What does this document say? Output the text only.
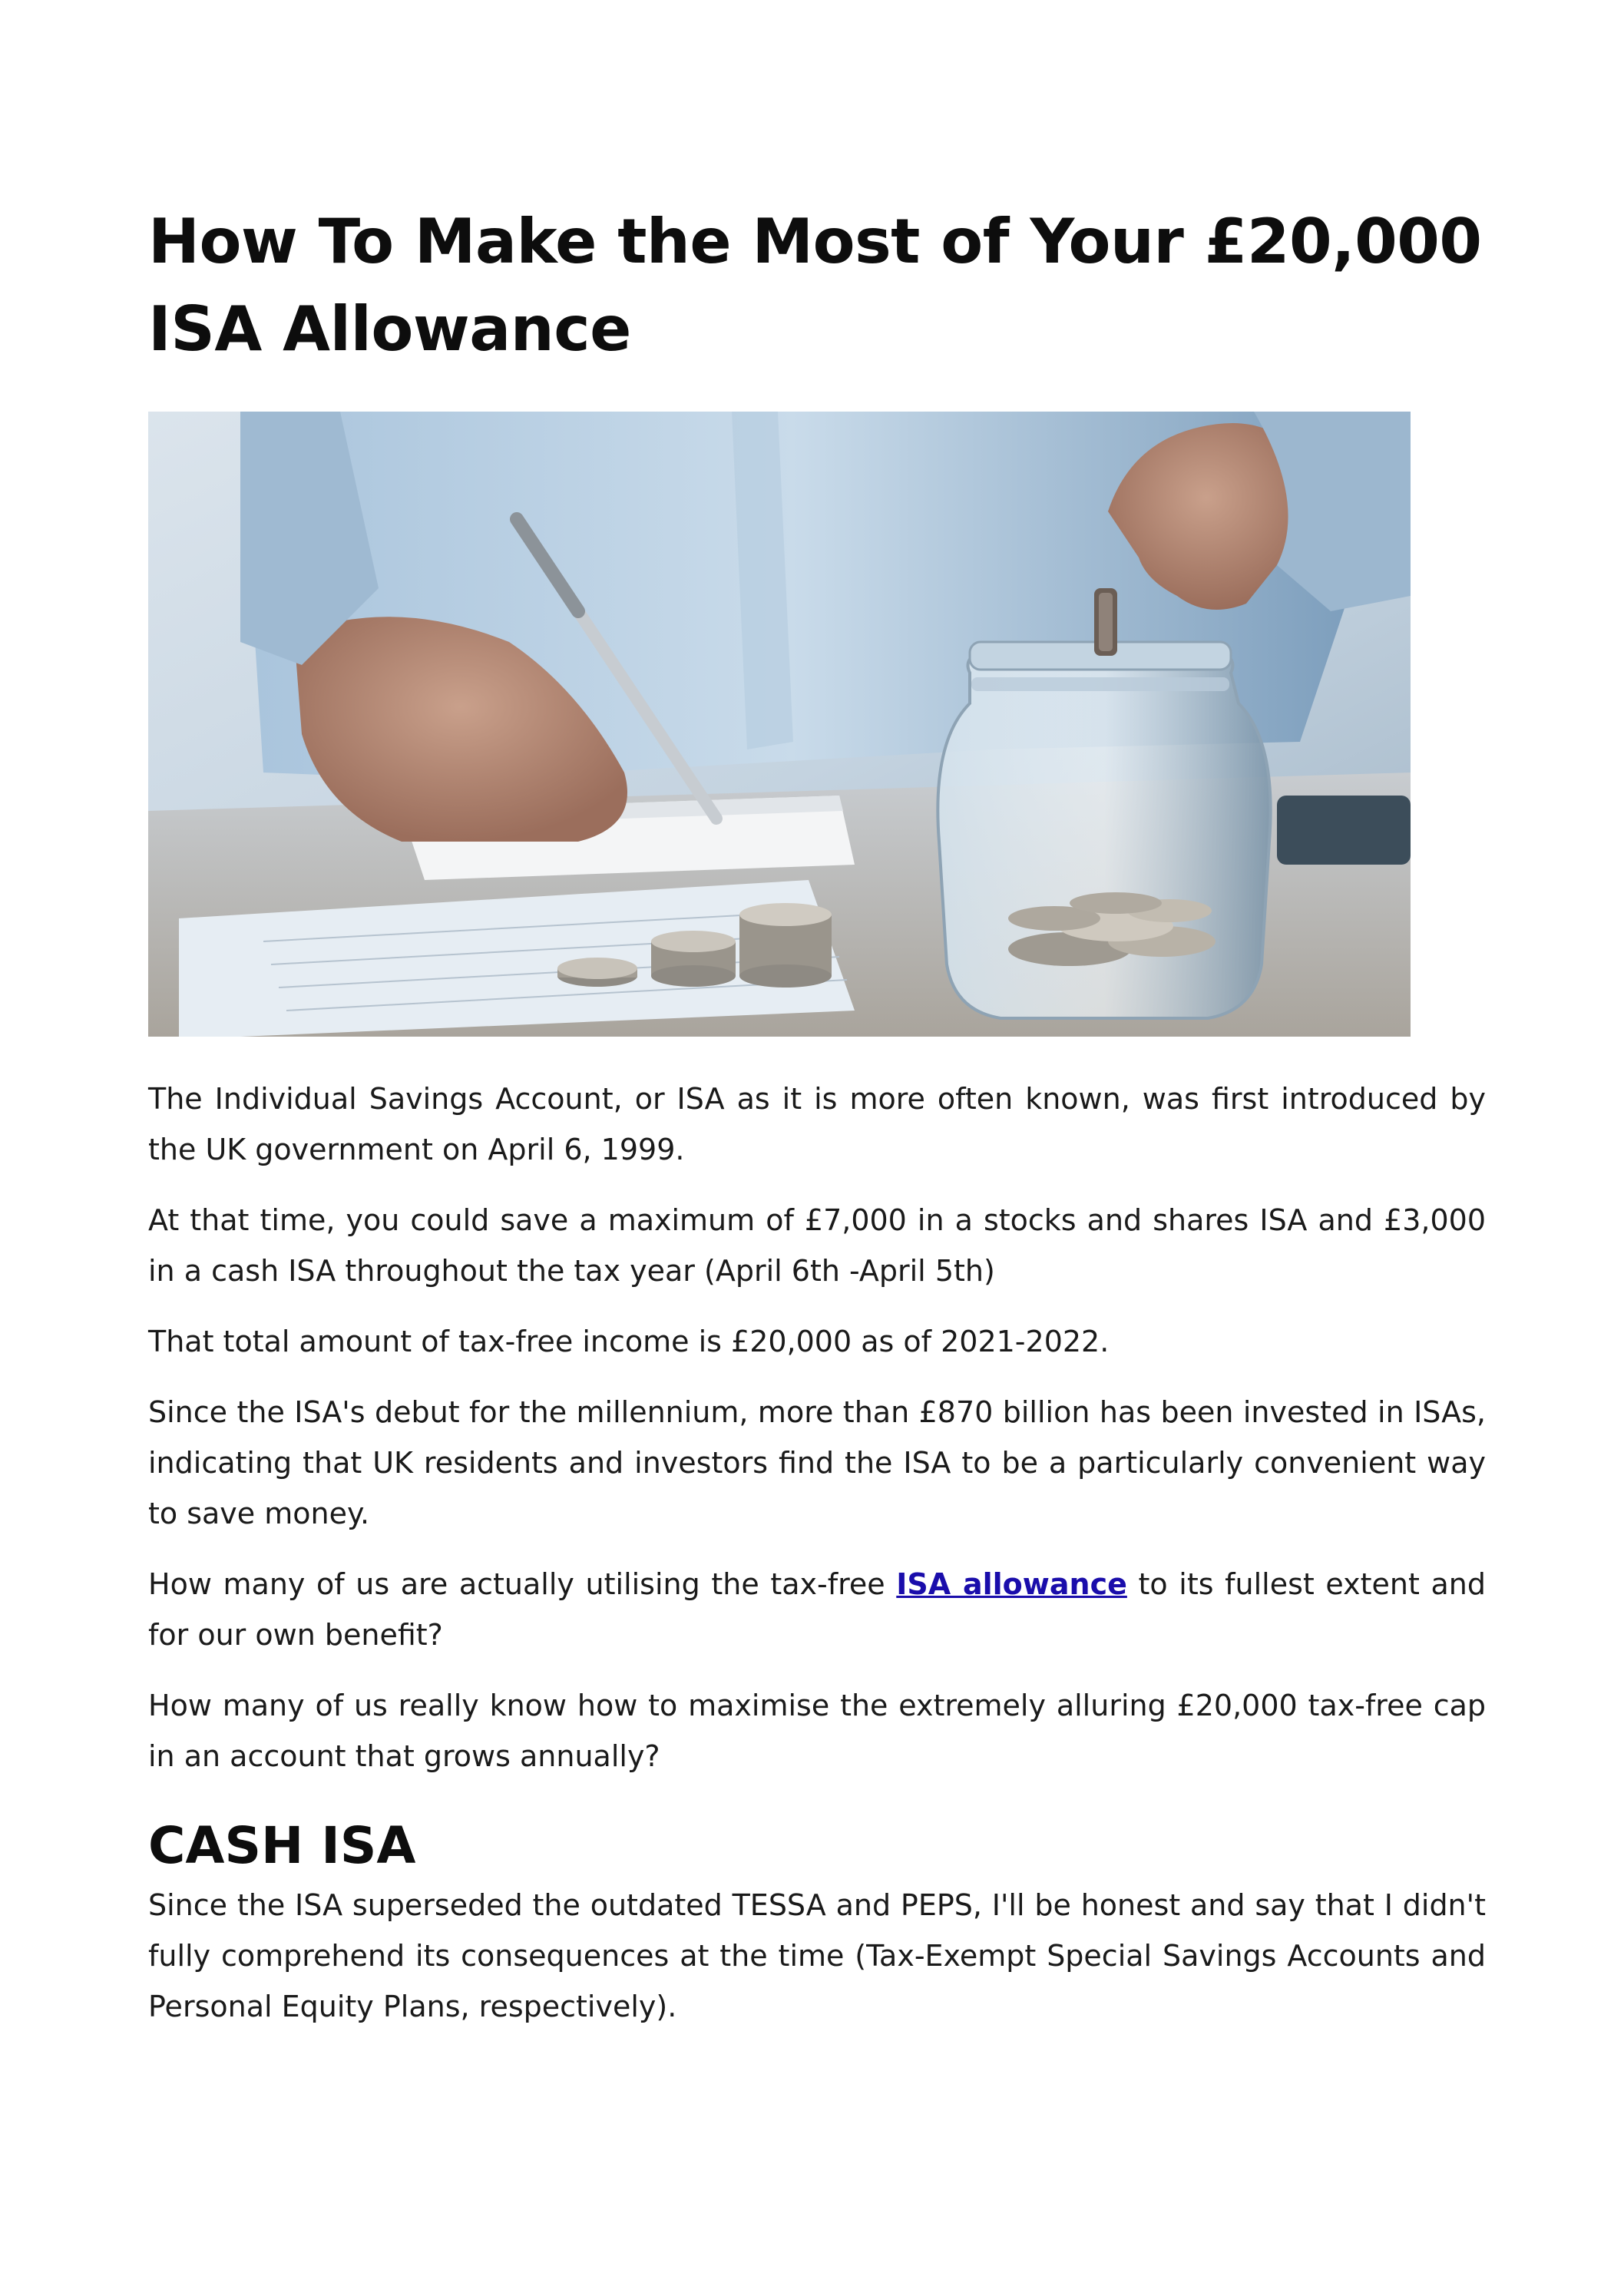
How To Make the Most of Your £20,000 ISA Allowance

The Individual Savings Account, or ISA as it is more often known, was first introduced by the UK government on April 6, 1999.

At that time, you could save a maximum of £7,000 in a stocks and shares ISA and £3,000 in a cash ISA throughout the tax year (April 6th -April 5th)

That total amount of tax-free income is £20,000 as of 2021-2022.

Since the ISA's debut for the millennium, more than £870 billion has been invested in ISAs, indicating that UK residents and investors find the ISA to be a particularly convenient way to save money.

How many of us are actually utilising the tax-free ISA allowance to its fullest extent and for our own benefit?

How many of us really know how to maximise the extremely alluring £20,000 tax-free cap in an account that grows annually?

CASH ISA

Since the ISA superseded the outdated TESSA and PEPS, I'll be honest and say that I didn't fully comprehend its consequences at the time (Tax-Exempt Special Savings Accounts and Personal Equity Plans, respectively).
